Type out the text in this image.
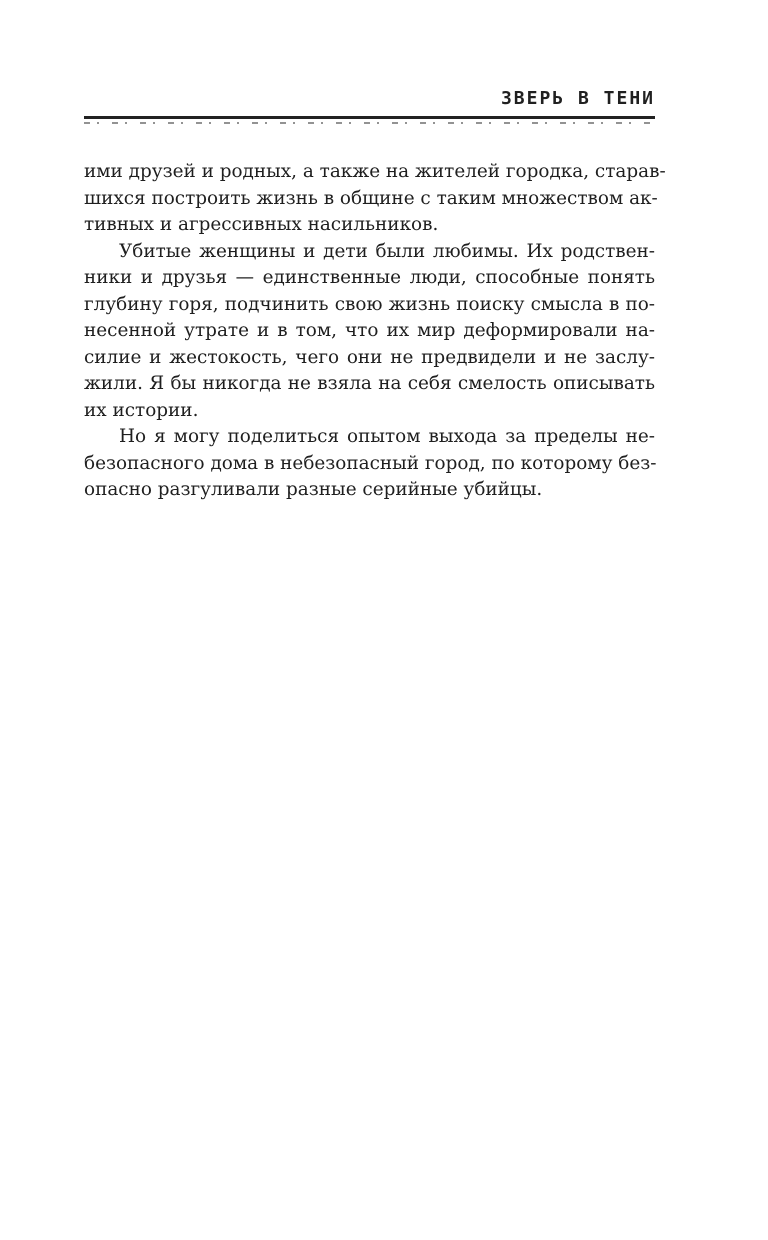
ЗВЕРЬ В ТЕНИ
ими друзей и родных, а также на жителей городка, старав-
шихся построить жизнь в общине с таким множеством ак-
тивных и агрессивных насильников.
Убитые женщины и дети были любимы. Их родствен-
ники и друзья — единственные люди, способные понять
глубину горя, подчинить свою жизнь поиску смысла в по-
несенной утрате и в том, что их мир деформировали на-
силие и жестокость, чего они не предвидели и не заслу-
жили. Я бы никогда не взяла на себя смелость описывать
их истории.
Но я могу поделиться опытом выхода за пределы не-
безопасного дома в небезопасный город, по которому без-
опасно разгуливали разные серийные убийцы.
